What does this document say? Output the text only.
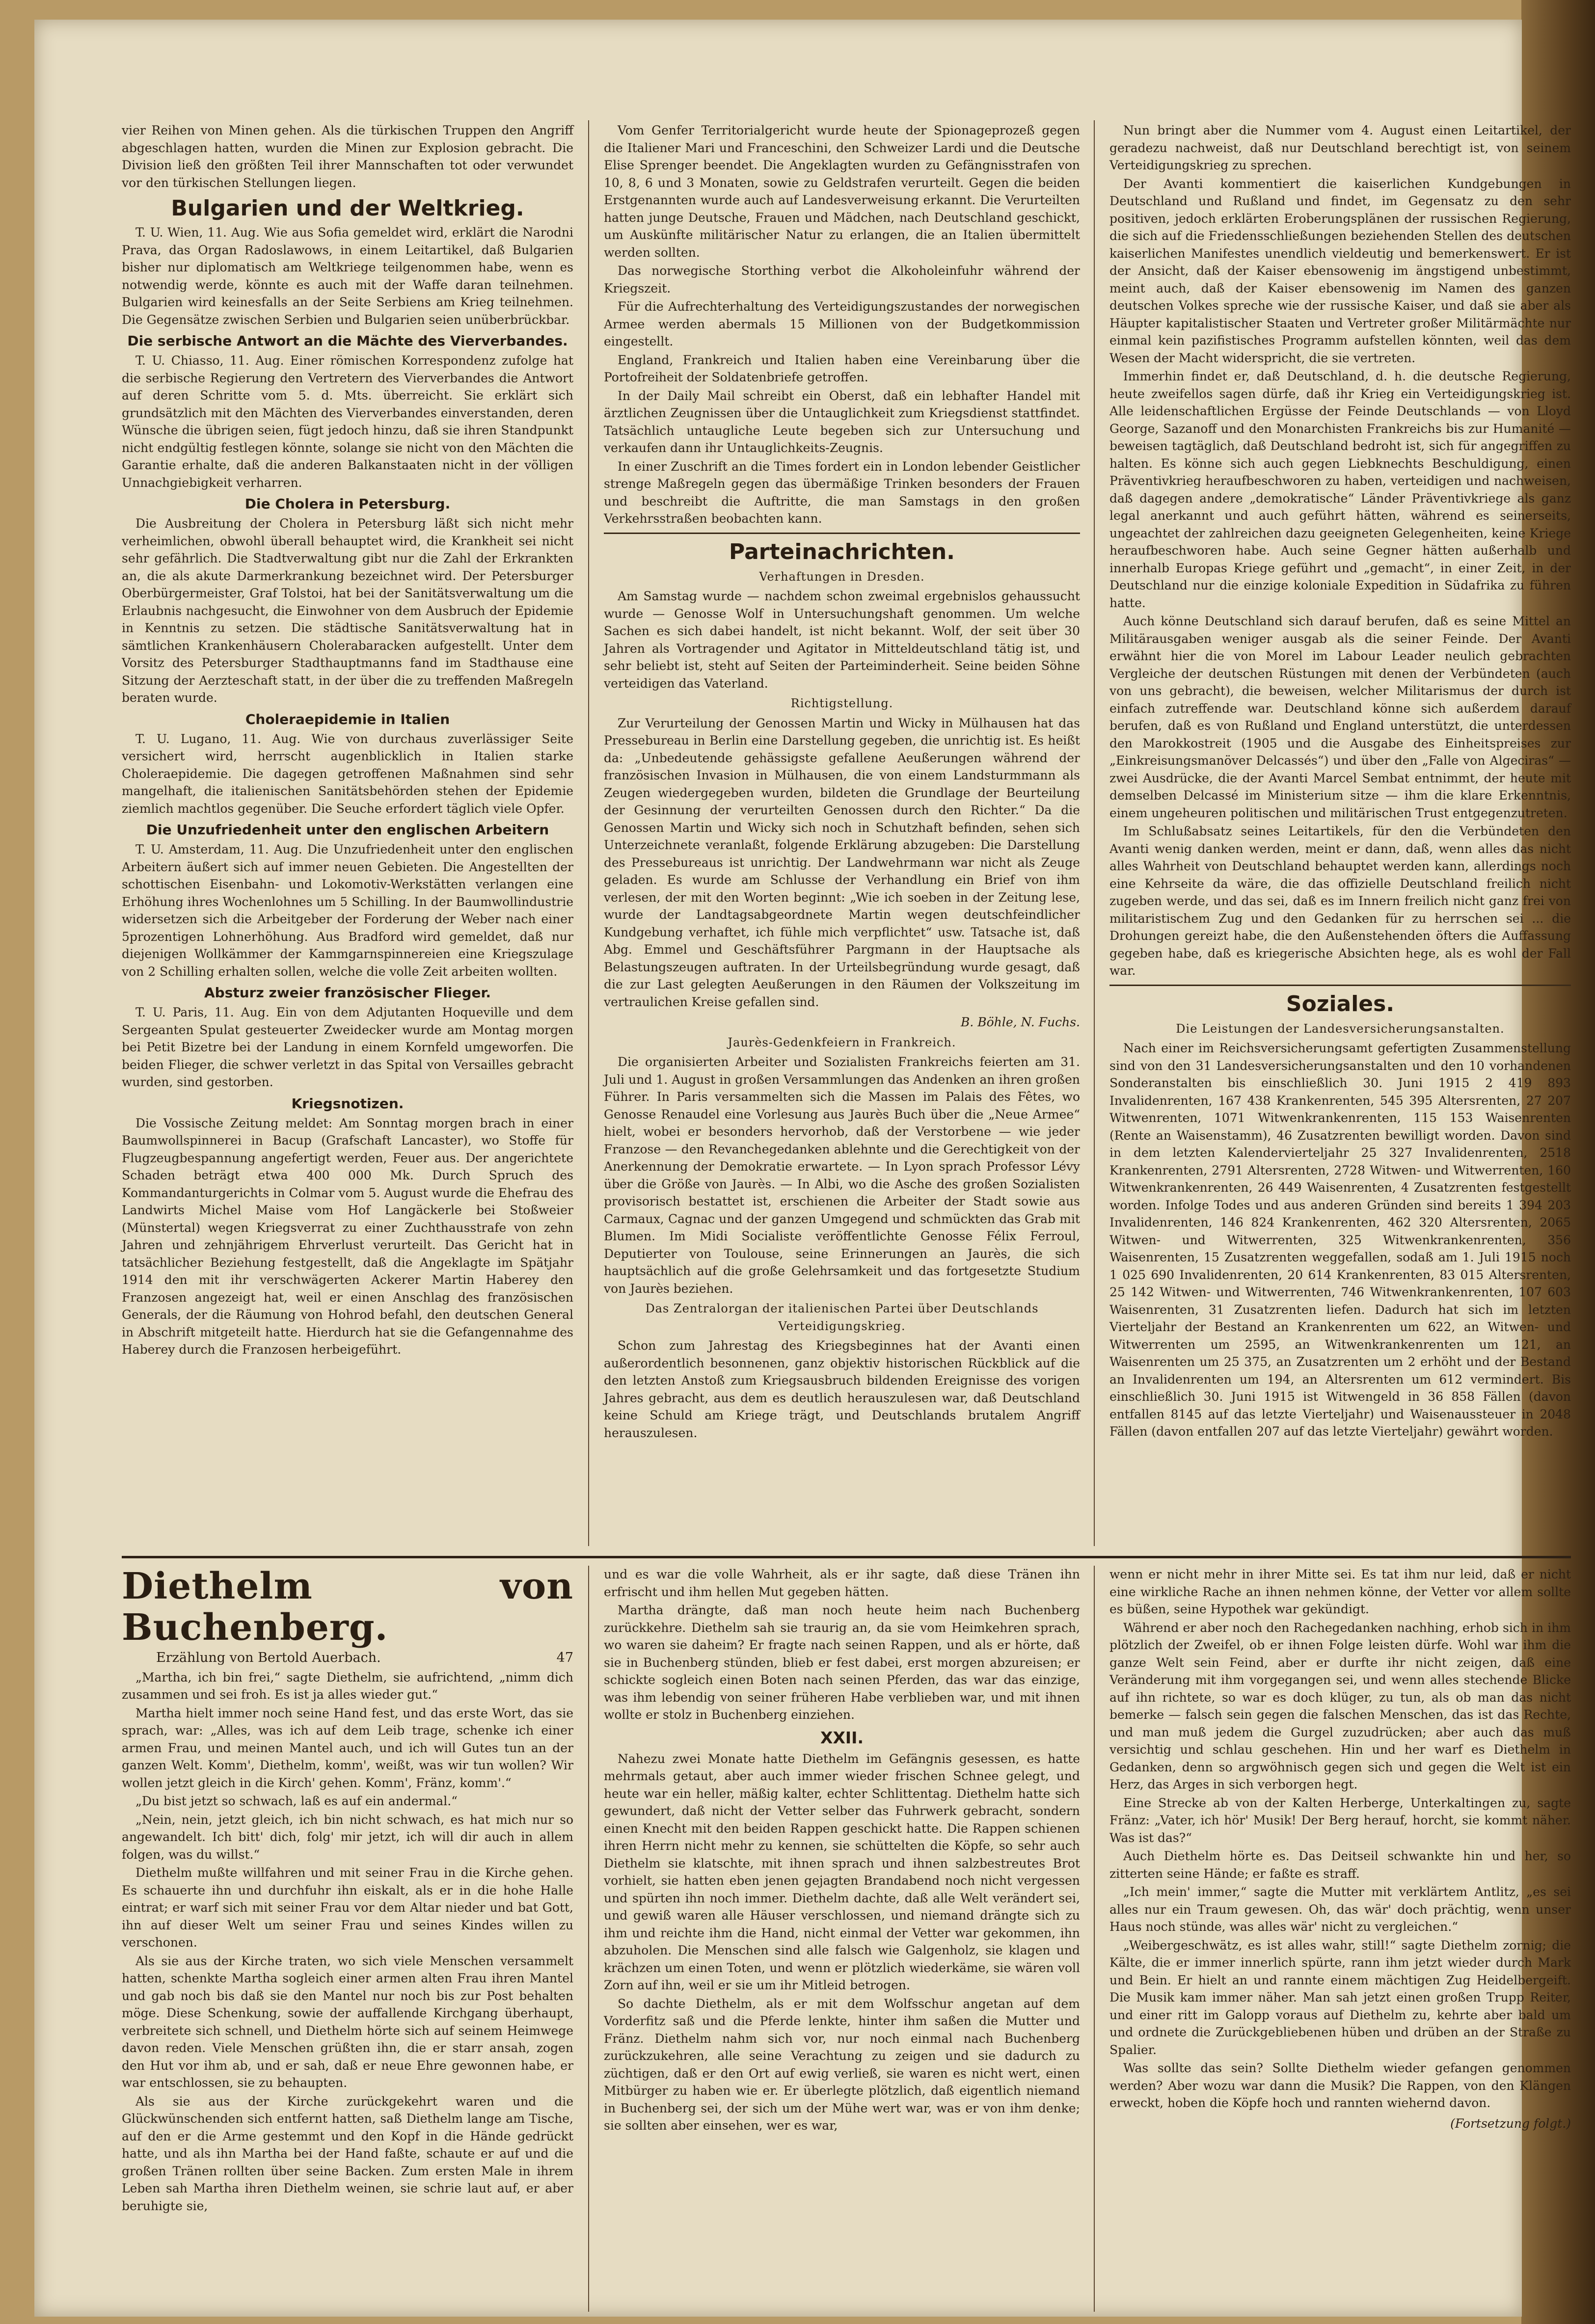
vier Reihen von Minen gehen. Als die türkischen Truppen den Angriff abgeschlagen hatten, wurden die Minen zur Explosion gebracht. Die Division ließ den größten Teil ihrer Mannschaften tot oder verwundet vor den türkischen Stellungen liegen.

Bulgarien und der Weltkrieg.

T. U. Wien, 11. Aug. Wie aus Sofia gemeldet wird, erklärt die Narodni Prava, das Organ Radoslawows, in einem Leitartikel, daß Bulgarien bisher nur diplomatisch am Weltkriege teilgenommen habe, wenn es notwendig werde, könnte es auch mit der Waffe daran teilnehmen. Bulgarien wird keinesfalls an der Seite Serbiens am Krieg teilnehmen. Die Gegensätze zwischen Serbien und Bulgarien seien unüberbrückbar.

Die serbische Antwort an die Mächte des Vierverbandes.

T. U. Chiasso, 11. Aug. Einer römischen Korrespondenz zufolge hat die serbische Regierung den Vertretern des Vierverbandes die Antwort auf deren Schritte vom 5. d. Mts. überreicht. Sie erklärt sich grundsätzlich mit den Mächten des Vierverbandes einverstanden, deren Wünsche die übrigen seien, fügt jedoch hinzu, daß sie ihren Standpunkt nicht endgültig festlegen könnte, solange sie nicht von den Mächten die Garantie erhalte, daß die anderen Balkanstaaten nicht in der völligen Unnachgiebigkeit verharren.

Die Cholera in Petersburg.

Die Ausbreitung der Cholera in Petersburg läßt sich nicht mehr verheimlichen, obwohl überall behauptet wird, die Krankheit sei nicht sehr gefährlich. Die Stadtverwaltung gibt nur die Zahl der Erkrankten an, die als akute Darmerkrankung bezeichnet wird. Der Petersburger Oberbürgermeister, Graf Tolstoi, hat bei der Sanitätsverwaltung um die Erlaubnis nachgesucht, die Einwohner von dem Ausbruch der Epidemie in Kenntnis zu setzen. Die städtische Sanitätsverwaltung hat in sämtlichen Krankenhäusern Cholerabaracken aufgestellt. Unter dem Vorsitz des Petersburger Stadthauptmanns fand im Stadthause eine Sitzung der Aerzteschaft statt, in der über die zu treffenden Maßregeln beraten wurde.

Choleraepidemie in Italien

T. U. Lugano, 11. Aug. Wie von durchaus zuverlässiger Seite versichert wird, herrscht augenblicklich in Italien starke Choleraepidemie. Die dagegen getroffenen Maßnahmen sind sehr mangelhaft, die italienischen Sanitätsbehörden stehen der Epidemie ziemlich machtlos gegenüber. Die Seuche erfordert täglich viele Opfer.

Die Unzufriedenheit unter den englischen Arbeitern

T. U. Amsterdam, 11. Aug. Die Unzufriedenheit unter den englischen Arbeitern äußert sich auf immer neuen Gebieten. Die Angestellten der schottischen Eisenbahn- und Lokomotiv-Werkstätten verlangen eine Erhöhung ihres Wochenlohnes um 5 Schilling. In der Baumwollindustrie widersetzen sich die Arbeitgeber der Forderung der Weber nach einer 5prozentigen Lohnerhöhung. Aus Bradford wird gemeldet, daß nur diejenigen Wollkämmer der Kammgarnspinnereien eine Kriegszulage von 2 Schilling erhalten sollen, welche die volle Zeit arbeiten wollten.

Absturz zweier französischer Flieger.

T. U. Paris, 11. Aug. Ein von dem Adjutanten Hoqueville und dem Sergeanten Spulat gesteuerter Zweidecker wurde am Montag morgen bei Petit Bizetre bei der Landung in einem Kornfeld umgeworfen. Die beiden Flieger, die schwer verletzt in das Spital von Versailles gebracht wurden, sind gestorben.

Kriegsnotizen.

Die Vossische Zeitung meldet: Am Sonntag morgen brach in einer Baumwollspinnerei in Bacup (Grafschaft Lancaster), wo Stoffe für Flugzeugbespannung angefertigt werden, Feuer aus. Der angerichtete Schaden beträgt etwa 400 000 Mk. Durch Spruch des Kommandanturgerichts in Colmar vom 5. August wurde die Ehefrau des Landwirts Michel Maise vom Hof Langäckerle bei Stoßweier (Münstertal) wegen Kriegsverrat zu einer Zuchthausstrafe von zehn Jahren und zehnjährigem Ehrverlust verurteilt. Das Gericht hat in tatsächlicher Beziehung festgestellt, daß die Angeklagte im Spätjahr 1914 den mit ihr verschwägerten Ackerer Martin Haberey den Franzosen angezeigt hat, weil er einen Anschlag des französischen Generals, der die Räumung von Hohrod befahl, den deutschen General in Abschrift mitgeteilt hatte. Hierdurch hat sie die Gefangennahme des Haberey durch die Franzosen herbeigeführt.

Vom Genfer Territorialgericht wurde heute der Spionageprozeß gegen die Italiener Mari und Franceschini, den Schweizer Lardi und die Deutsche Elise Sprenger beendet. Die Angeklagten wurden zu Gefängnisstrafen von 10, 8, 6 und 3 Monaten, sowie zu Geldstrafen verurteilt. Gegen die beiden Erstgenannten wurde auch auf Landesverweisung erkannt. Die Verurteilten hatten junge Deutsche, Frauen und Mädchen, nach Deutschland geschickt, um Auskünfte militärischer Natur zu erlangen, die an Italien übermittelt werden sollten.

Das norwegische Storthing verbot die Alkoholeinfuhr während der Kriegszeit.

Für die Aufrechterhaltung des Verteidigungszustandes der norwegischen Armee werden abermals 15 Millionen von der Budgetkommission eingestellt.

England, Frankreich und Italien haben eine Vereinbarung über die Portofreiheit der Soldatenbriefe getroffen.

In der Daily Mail schreibt ein Oberst, daß ein lebhafter Handel mit ärztlichen Zeugnissen über die Untauglichkeit zum Kriegsdienst stattfindet. Tatsächlich untaugliche Leute begeben sich zur Untersuchung und verkaufen dann ihr Untauglichkeits-Zeugnis.

In einer Zuschrift an die Times fordert ein in London lebender Geistlicher strenge Maßregeln gegen das übermäßige Trinken besonders der Frauen und beschreibt die Auftritte, die man Samstags in den großen Verkehrsstraßen beobachten kann.

Parteinachrichten.
Verhaftungen in Dresden.

Am Samstag wurde — nachdem schon zweimal ergebnislos gehaussucht wurde — Genosse Wolf in Untersuchungshaft genommen. Um welche Sachen es sich dabei handelt, ist nicht bekannt. Wolf, der seit über 30 Jahren als Vortragender und Agitator in Mitteldeutschland tätig ist, und sehr beliebt ist, steht auf Seiten der Parteiminderheit. Seine beiden Söhne verteidigen das Vaterland.

Richtigstellung.

Zur Verurteilung der Genossen Martin und Wicky in Mülhausen hat das Pressebureau in Berlin eine Darstellung gegeben, die unrichtig ist. Es heißt da: „Unbedeutende gehässigste gefallene Aeußerungen während der französischen Invasion in Mülhausen, die von einem Landsturmmann als Zeugen wiedergegeben wurden, bildeten die Grundlage der Beurteilung der Gesinnung der verurteilten Genossen durch den Richter.“ Da die Genossen Martin und Wicky sich noch in Schutzhaft befinden, sehen sich Unterzeichnete veranlaßt, folgende Erklärung abzugeben: Die Darstellung des Pressebureaus ist unrichtig. Der Landwehrmann war nicht als Zeuge geladen. Es wurde am Schlusse der Verhandlung ein Brief von ihm verlesen, der mit den Worten beginnt: „Wie ich soeben in der Zeitung lese, wurde der Landtagsabgeordnete Martin wegen deutschfeindlicher Kundgebung verhaftet, ich fühle mich verpflichtet“ usw. Tatsache ist, daß Abg. Emmel und Geschäftsführer Pargmann in der Hauptsache als Belastungszeugen auftraten. In der Urteilsbegründung wurde gesagt, daß die zur Last gelegten Aeußerungen in den Räumen der Volkszeitung im vertraulichen Kreise gefallen sind.

B. Böhle, N. Fuchs.
Jaurès-Gedenkfeiern in Frankreich.

Die organisierten Arbeiter und Sozialisten Frankreichs feierten am 31. Juli und 1. August in großen Versammlungen das Andenken an ihren großen Führer. In Paris versammelten sich die Massen im Palais des Fêtes, wo Genosse Renaudel eine Vorlesung aus Jaurès Buch über die „Neue Armee“ hielt, wobei er besonders hervorhob, daß der Verstorbene — wie jeder Franzose — den Revanchegedanken ablehnte und die Gerechtigkeit von der Anerkennung der Demokratie erwartete. — In Lyon sprach Professor Lévy über die Größe von Jaurès. — In Albi, wo die Asche des großen Sozialisten provisorisch bestattet ist, erschienen die Arbeiter der Stadt sowie aus Carmaux, Cagnac und der ganzen Umgegend und schmückten das Grab mit Blumen. Im Midi Socialiste veröffentlichte Genosse Félix Ferroul, Deputierter von Toulouse, seine Erinnerungen an Jaurès, die sich hauptsächlich auf die große Gelehrsamkeit und das fortgesetzte Studium von Jaurès beziehen.

Das Zentralorgan der italienischen Partei über Deutschlands Verteidigungskrieg.

Schon zum Jahrestag des Kriegsbeginnes hat der Avanti einen außerordentlich besonnenen, ganz objektiv historischen Rückblick auf die den letzten Anstoß zum Kriegsausbruch bildenden Ereignisse des vorigen Jahres gebracht, aus dem es deutlich herauszulesen war, daß Deutschland keine Schuld am Kriege trägt, und Deutschlands brutalem Angriff herauszulesen.

Nun bringt aber die Nummer vom 4. August einen Leitartikel, der geradezu nachweist, daß nur Deutschland berechtigt ist, von seinem Verteidigungskrieg zu sprechen.

Der Avanti kommentiert die kaiserlichen Kundgebungen in Deutschland und Rußland und findet, im Gegensatz zu den sehr positiven, jedoch erklärten Eroberungsplänen der russischen Regierung, die sich auf die Friedensschließungen beziehenden Stellen des deutschen kaiserlichen Manifestes unendlich vieldeutig und bemerkenswert. Er ist der Ansicht, daß der Kaiser ebensowenig im ängstigend unbestimmt, meint auch, daß der Kaiser ebensowenig im Namen des ganzen deutschen Volkes spreche wie der russische Kaiser, und daß sie aber als Häupter kapitalistischer Staaten und Vertreter großer Militärmächte nur einmal kein pazifistisches Programm aufstellen könnten, weil das dem Wesen der Macht widerspricht, die sie vertreten.

Immerhin findet er, daß Deutschland, d. h. die deutsche Regierung, heute zweifellos sagen dürfe, daß ihr Krieg ein Verteidigungskrieg ist. Alle leidenschaftlichen Ergüsse der Feinde Deutschlands — von Lloyd George, Sazanoff und den Monarchisten Frankreichs bis zur Humanité — beweisen tagtäglich, daß Deutschland bedroht ist, sich für angegriffen zu halten. Es könne sich auch gegen Liebknechts Beschuldigung, einen Präventivkrieg heraufbeschworen zu haben, verteidigen und nachweisen, daß dagegen andere „demokratische“ Länder Präventivkriege als ganz legal anerkannt und auch geführt hätten, während es seinerseits, ungeachtet der zahlreichen dazu geeigneten Gelegenheiten, keine Kriege heraufbeschworen habe. Auch seine Gegner hätten außerhalb und innerhalb Europas Kriege geführt und „gemacht“, in einer Zeit, in der Deutschland nur die einzige koloniale Expedition in Südafrika zu führen hatte.

Auch könne Deutschland sich darauf berufen, daß es seine Mittel an Militärausgaben weniger ausgab als die seiner Feinde. Der Avanti erwähnt hier die von Morel im Labour Leader neulich gebrachten Vergleiche der deutschen Rüstungen mit denen der Verbündeten (auch von uns gebracht), die beweisen, welcher Militarismus der durch ist einfach zutreffende war. Deutschland könne sich außerdem darauf berufen, daß es von Rußland und England unterstützt, die unterdessen den Marokkostreit (1905 und die Ausgabe des Einheitspreises zur „Einkreisungsmanöver Delcassés“) und über den „Falle von Algeciras“ — zwei Ausdrücke, die der Avanti Marcel Sembat entnimmt, der heute mit demselben Delcassé im Ministerium sitze — ihm die klare Erkenntnis, einem ungeheuren politischen und militärischen Trust entgegenzutreten.

Im Schlußabsatz seines Leitartikels, für den die Verbündeten den Avanti wenig danken werden, meint er dann, daß, wenn alles das nicht alles Wahrheit von Deutschland behauptet werden kann, allerdings noch eine Kehrseite da wäre, die das offizielle Deutschland freilich nicht zugeben werde, und das sei, daß es im Innern freilich nicht ganz frei von militaristischem Zug und den Gedanken für zu herrschen sei ... die Drohungen gereizt habe, die den Außenstehenden öfters die Auffassung gegeben habe, daß es kriegerische Absichten hege, als es wohl der Fall war.

Soziales.
Die Leistungen der Landesversicherungsanstalten.

Nach einer im Reichsversicherungsamt gefertigten Zusammenstellung sind von den 31 Landesversicherungsanstalten und den 10 vorhandenen Sonderanstalten bis einschließlich 30. Juni 1915 2 419 893 Invalidenrenten, 167 438 Krankenrenten, 545 395 Altersrenten, 27 207 Witwenrenten, 1071 Witwenkrankenrenten, 115 153 Waisenrenten (Rente an Waisenstamm), 46 Zusatzrenten bewilligt worden. Davon sind in dem letzten Kalendervierteljahr 25 327 Invalidenrenten, 2518 Krankenrenten, 2791 Altersrenten, 2728 Witwen- und Witwerrenten, 160 Witwenkrankenrenten, 26 449 Waisenrenten, 4 Zusatzrenten festgestellt worden. Infolge Todes und aus anderen Gründen sind bereits 1 394 203 Invalidenrenten, 146 824 Krankenrenten, 462 320 Altersrenten, 2065 Witwen- und Witwerrenten, 325 Witwenkrankenrenten, 356 Waisenrenten, 15 Zusatzrenten weggefallen, sodaß am 1. Juli 1915 noch 1 025 690 Invalidenrenten, 20 614 Krankenrenten, 83 015 Altersrenten, 25 142 Witwen- und Witwerrenten, 746 Witwenkrankenrenten, 107 603 Waisenrenten, 31 Zusatzrenten liefen. Dadurch hat sich im letzten Vierteljahr der Bestand an Krankenrenten um 622, an Witwen- und Witwerrenten um 2595, an Witwenkrankenrenten um 121, an Waisenrenten um 25 375, an Zusatzrenten um 2 erhöht und der Bestand an Invalidenrenten um 194, an Altersrenten um 612 vermindert. Bis einschließlich 30. Juni 1915 ist Witwengeld in 36 858 Fällen (davon entfallen 8145 auf das letzte Vierteljahr) und Waisenaussteuer in 2048 Fällen (davon entfallen 207 auf das letzte Vierteljahr) gewährt worden.

Diethelm von Buchenberg.
Erzählung von Bertold Auerbach.	47

„Martha, ich bin frei,“ sagte Diethelm, sie aufrichtend, „nimm dich zusammen und sei froh. Es ist ja alles wieder gut.“

Martha hielt immer noch seine Hand fest, und das erste Wort, das sie sprach, war: „Alles, was ich auf dem Leib trage, schenke ich einer armen Frau, und meinen Mantel auch, und ich will Gutes tun an der ganzen Welt. Komm', Diethelm, komm', weißt, was wir tun wollen? Wir wollen jetzt gleich in die Kirch' gehen. Komm', Fränz, komm'.“

„Du bist jetzt so schwach, laß es auf ein andermal.“

„Nein, nein, jetzt gleich, ich bin nicht schwach, es hat mich nur so angewandelt. Ich bitt' dich, folg' mir jetzt, ich will dir auch in allem folgen, was du willst.“

Diethelm mußte willfahren und mit seiner Frau in die Kirche gehen. Es schauerte ihn und durchfuhr ihn eiskalt, als er in die hohe Halle eintrat; er warf sich mit seiner Frau vor dem Altar nieder und bat Gott, ihn auf dieser Welt um seiner Frau und seines Kindes willen zu verschonen.

Als sie aus der Kirche traten, wo sich viele Menschen versammelt hatten, schenkte Martha sogleich einer armen alten Frau ihren Mantel und gab noch bis daß sie den Mantel nur noch bis zur Post behalten möge. Diese Schenkung, sowie der auffallende Kirchgang überhaupt, verbreitete sich schnell, und Diethelm hörte sich auf seinem Heimwege davon reden. Viele Menschen grüßten ihn, die er starr ansah, zogen den Hut vor ihm ab, und er sah, daß er neue Ehre gewonnen habe, er war entschlossen, sie zu behaupten.

Als sie aus der Kirche zurückgekehrt waren und die Glückwünschenden sich entfernt hatten, saß Diethelm lange am Tische, auf den er die Arme gestemmt und den Kopf in die Hände gedrückt hatte, und als ihn Martha bei der Hand faßte, schaute er auf und die großen Tränen rollten über seine Backen. Zum ersten Male in ihrem Leben sah Martha ihren Diethelm weinen, sie schrie laut auf, er aber beruhigte sie,

und es war die volle Wahrheit, als er ihr sagte, daß diese Tränen ihn erfrischt und ihm hellen Mut gegeben hätten.

Martha drängte, daß man noch heute heim nach Buchenberg zurückkehre. Diethelm sah sie traurig an, da sie vom Heimkehren sprach, wo waren sie daheim? Er fragte nach seinen Rappen, und als er hörte, daß sie in Buchenberg stünden, blieb er fest dabei, erst morgen abzureisen; er schickte sogleich einen Boten nach seinen Pferden, das war das einzige, was ihm lebendig von seiner früheren Habe verblieben war, und mit ihnen wollte er stolz in Buchenberg einziehen.

XXII.

Nahezu zwei Monate hatte Diethelm im Gefängnis gesessen, es hatte mehrmals getaut, aber auch immer wieder frischen Schnee gelegt, und heute war ein heller, mäßig kalter, echter Schlittentag. Diethelm hatte sich gewundert, daß nicht der Vetter selber das Fuhrwerk gebracht, sondern einen Knecht mit den beiden Rappen geschickt hatte. Die Rappen schienen ihren Herrn nicht mehr zu kennen, sie schüttelten die Köpfe, so sehr auch Diethelm sie klatschte, mit ihnen sprach und ihnen salzbestreutes Brot vorhielt, sie hatten eben jenen gejagten Brandabend noch nicht vergessen und spürten ihn noch immer. Diethelm dachte, daß alle Welt verändert sei, und gewiß waren alle Häuser verschlossen, und niemand drängte sich zu ihm und reichte ihm die Hand, nicht einmal der Vetter war gekommen, ihn abzuholen. Die Menschen sind alle falsch wie Galgenholz, sie klagen und krächzen um einen Toten, und wenn er plötzlich wiederkäme, sie wären voll Zorn auf ihn, weil er sie um ihr Mitleid betrogen.

So dachte Diethelm, als er mit dem Wolfsschur angetan auf dem Vorderfitz saß und die Pferde lenkte, hinter ihm saßen die Mutter und Fränz. Diethelm nahm sich vor, nur noch einmal nach Buchenberg zurückzukehren, alle seine Verachtung zu zeigen und sie dadurch zu züchtigen, daß er den Ort auf ewig verließ, sie waren es nicht wert, einen Mitbürger zu haben wie er. Er überlegte plötzlich, daß eigentlich niemand in Buchenberg sei, der sich um der Mühe wert war, was er von ihm denke; sie sollten aber einsehen, wer es war,

wenn er nicht mehr in ihrer Mitte sei. Es tat ihm nur leid, daß er nicht eine wirkliche Rache an ihnen nehmen könne, der Vetter vor allem sollte es büßen, seine Hypothek war gekündigt.

Während er aber noch den Rachegedanken nachhing, erhob sich in ihm plötzlich der Zweifel, ob er ihnen Folge leisten dürfe. Wohl war ihm die ganze Welt sein Feind, aber er durfte ihr nicht zeigen, daß eine Veränderung mit ihm vorgegangen sei, und wenn alles stechende Blicke auf ihn richtete, so war es doch klüger, zu tun, als ob man das nicht bemerke — falsch sein gegen die falschen Menschen, das ist das Rechte, und man muß jedem die Gurgel zuzudrücken; aber auch das muß versichtig und schlau geschehen. Hin und her warf es Diethelm in Gedanken, denn so argwöhnisch gegen sich und gegen die Welt ist ein Herz, das Arges in sich verborgen hegt.

Eine Strecke ab von der Kalten Herberge, Unterkaltingen zu, sagte Fränz: „Vater, ich hör' Musik! Der Berg herauf, horcht, sie kommt näher. Was ist das?“

Auch Diethelm hörte es. Das Deitseil schwankte hin und her, so zitterten seine Hände; er faßte es straff.

„Ich mein' immer,“ sagte die Mutter mit verklärtem Antlitz, „es sei alles nur ein Traum gewesen. Oh, das wär' doch prächtig, wenn unser Haus noch stünde, was alles wär' nicht zu vergleichen.“

„Weibergeschwätz, es ist alles wahr, still!“ sagte Diethelm zornig; die Kälte, die er immer innerlich spürte, rann ihm jetzt wieder durch Mark und Bein. Er hielt an und rannte einem mächtigen Zug Heidelbergeift. Die Musik kam immer näher. Man sah jetzt einen großen Trupp Reiter, und einer ritt im Galopp voraus auf Diethelm zu, kehrte aber bald um und ordnete die Zurückgebliebenen hüben und drüben an der Straße zu Spalier.

Was sollte das sein? Sollte Diethelm wieder gefangen genommen werden? Aber wozu war dann die Musik? Die Rappen, von den Klängen erweckt, hoben die Köpfe hoch und rannten wiehernd davon.

(Fortsetzung folgt.)
